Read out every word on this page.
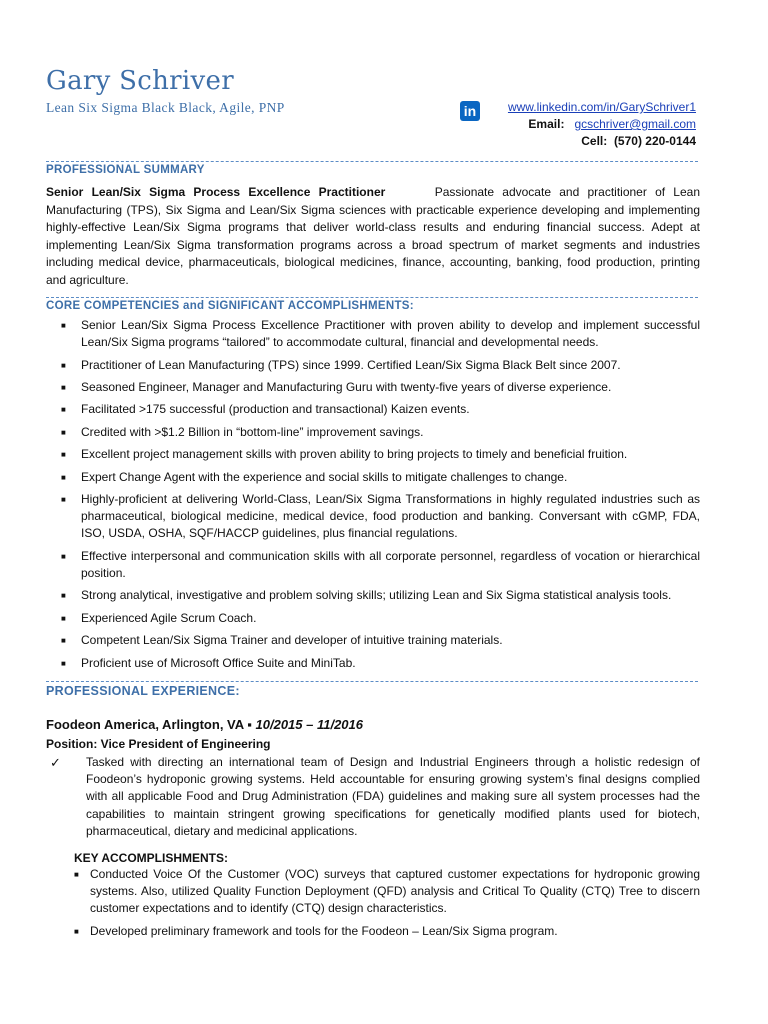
Gary Schriver
Lean Six Sigma Black Black, Agile, PNP	in	www.linkedin.com/in/GarySchriver1
Email: gcschriver@gmail.com
Cell: (570) 220-0144
PROFESSIONAL SUMMARY
Senior Lean/Six Sigma Process Excellence Practitioner	Passionate advocate and practitioner of Lean Manufacturing (TPS), Six Sigma and Lean/Six Sigma sciences with practicable experience developing and implementing highly-effective Lean/Six Sigma programs that deliver world-class results and enduring financial success. Adept at implementing Lean/Six Sigma transformation programs across a broad spectrum of market segments and industries including medical device, pharmaceuticals, biological medicines, finance, accounting, banking, food production, printing and agriculture.
CORE COMPETENCIES and SIGNIFICANT ACCOMPLISHMENTS:
■ Senior Lean/Six Sigma Process Excellence Practitioner with proven ability to develop and implement successful Lean/Six Sigma programs “tailored” to accommodate cultural, financial and developmental needs.
■ Practitioner of Lean Manufacturing (TPS) since 1999. Certified Lean/Six Sigma Black Belt since 2007.
■ Seasoned Engineer, Manager and Manufacturing Guru with twenty-five years of diverse experience.
■ Facilitated >175 successful (production and transactional) Kaizen events.
■ Credited with >$1.2 Billion in “bottom-line” improvement savings.
■ Excellent project management skills with proven ability to bring projects to timely and beneficial fruition.
■ Expert Change Agent with the experience and social skills to mitigate challenges to change.
■ Highly-proficient at delivering World-Class, Lean/Six Sigma Transformations in highly regulated industries such as pharmaceutical, biological medicine, medical device, food production and banking. Conversant with cGMP, FDA, ISO, USDA, OSHA, SQF/HACCP guidelines, plus financial regulations.
■ Effective interpersonal and communication skills with all corporate personnel, regardless of vocation or hierarchical position.
■ Strong analytical, investigative and problem solving skills; utilizing Lean and Six Sigma statistical analysis tools.
■ Experienced Agile Scrum Coach.
■ Competent Lean/Six Sigma Trainer and developer of intuitive training materials.
■ Proficient use of Microsoft Office Suite and MiniTab.
PROFESSIONAL EXPERIENCE:
Foodeon America, Arlington, VA ▪ 10/2015 – 11/2016
Position: Vice President of Engineering
✓ Tasked with directing an international team of Design and Industrial Engineers through a holistic redesign of Foodeon’s hydroponic growing systems. Held accountable for ensuring growing system’s final designs complied with all applicable Food and Drug Administration (FDA) guidelines and making sure all system processes had the capabilities to maintain stringent growing specifications for genetically modified plants used for biotech, pharmaceutical, dietary and medicinal applications.
KEY ACCOMPLISHMENTS:
■ Conducted Voice Of the Customer (VOC) surveys that captured customer expectations for hydroponic growing systems. Also, utilized Quality Function Deployment (QFD) analysis and Critical To Quality (CTQ) Tree to discern customer expectations and to identify (CTQ) design characteristics.
■ Developed preliminary framework and tools for the Foodeon – Lean/Six Sigma program.
